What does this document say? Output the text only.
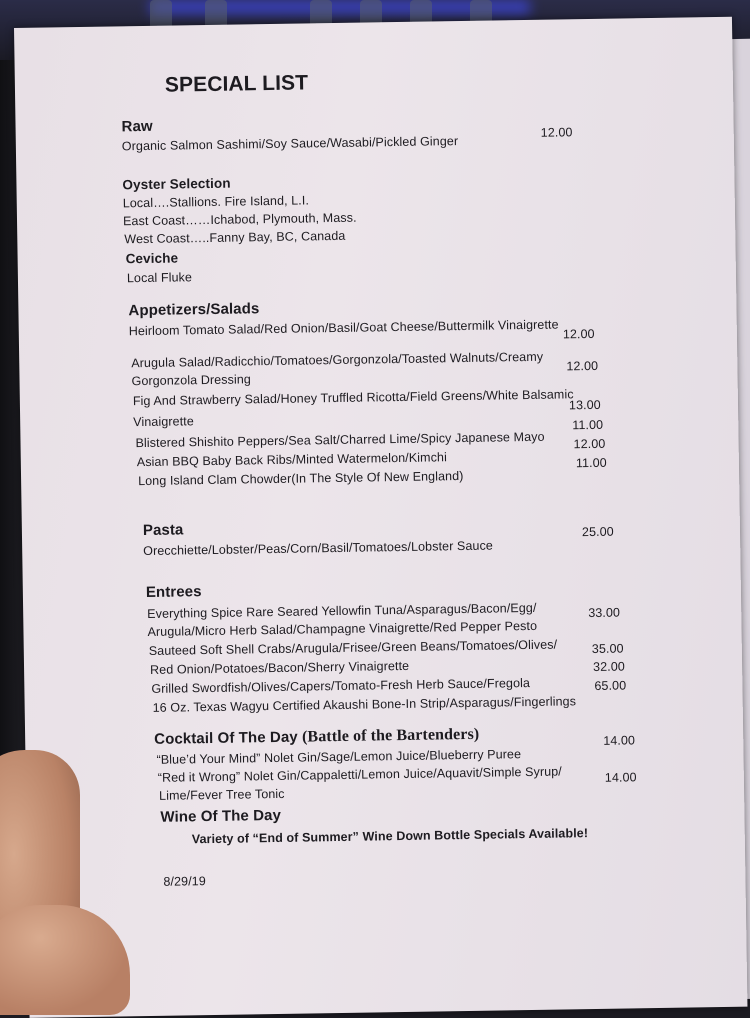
SPECIAL LIST
Raw
Organic Salmon Sashimi/Soy Sauce/Wasabi/Pickled Ginger
12.00
Oyster Selection
Local….Stallions. Fire Island, L.I.
East Coast……Ichabod, Plymouth, Mass.
West Coast…..Fanny Bay, BC, Canada
Ceviche
Local Fluke
Appetizers/Salads
Heirloom Tomato Salad/Red Onion/Basil/Goat Cheese/Buttermilk Vinaigrette 12.00
Arugula Salad/Radicchio/Tomatoes/Gorgonzola/Toasted Walnuts/Creamy
Gorgonzola Dressing
12.00
Fig And Strawberry Salad/Honey Truffled Ricotta/Field Greens/White Balsamic
Vinaigrette
13.00
Blistered Shishito Peppers/Sea Salt/Charred Lime/Spicy Japanese Mayo
11.00
Asian BBQ Baby Back Ribs/Minted Watermelon/Kimchi
12.00
Long Island Clam Chowder(In The Style Of New England)
11.00
Pasta
Orecchiette/Lobster/Peas/Corn/Basil/Tomatoes/Lobster Sauce
25.00
Entrees
Everything Spice Rare Seared Yellowfin Tuna/Asparagus/Bacon/Egg/
Arugula/Micro Herb Salad/Champagne Vinaigrette/Red Pepper Pesto
33.00
Sauteed Soft Shell Crabs/Arugula/Frisee/Green Beans/Tomatoes/Olives/
Red Onion/Potatoes/Bacon/Sherry Vinaigrette
35.00
Grilled Swordfish/Olives/Capers/Tomato-Fresh Herb Sauce/Fregola
32.00
16 Oz. Texas Wagyu Certified Akaushi Bone-In Strip/Asparagus/Fingerlings
65.00
Cocktail Of The Day (Battle of the Bartenders)
“Blue’d Your Mind” Nolet Gin/Sage/Lemon Juice/Blueberry Puree
14.00
“Red it Wrong” Nolet Gin/Cappaletti/Lemon Juice/Aquavit/Simple Syrup/
Lime/Fever Tree Tonic
14.00
Wine Of The Day
Variety of “End of Summer” Wine Down Bottle Specials Available!
8/29/19
